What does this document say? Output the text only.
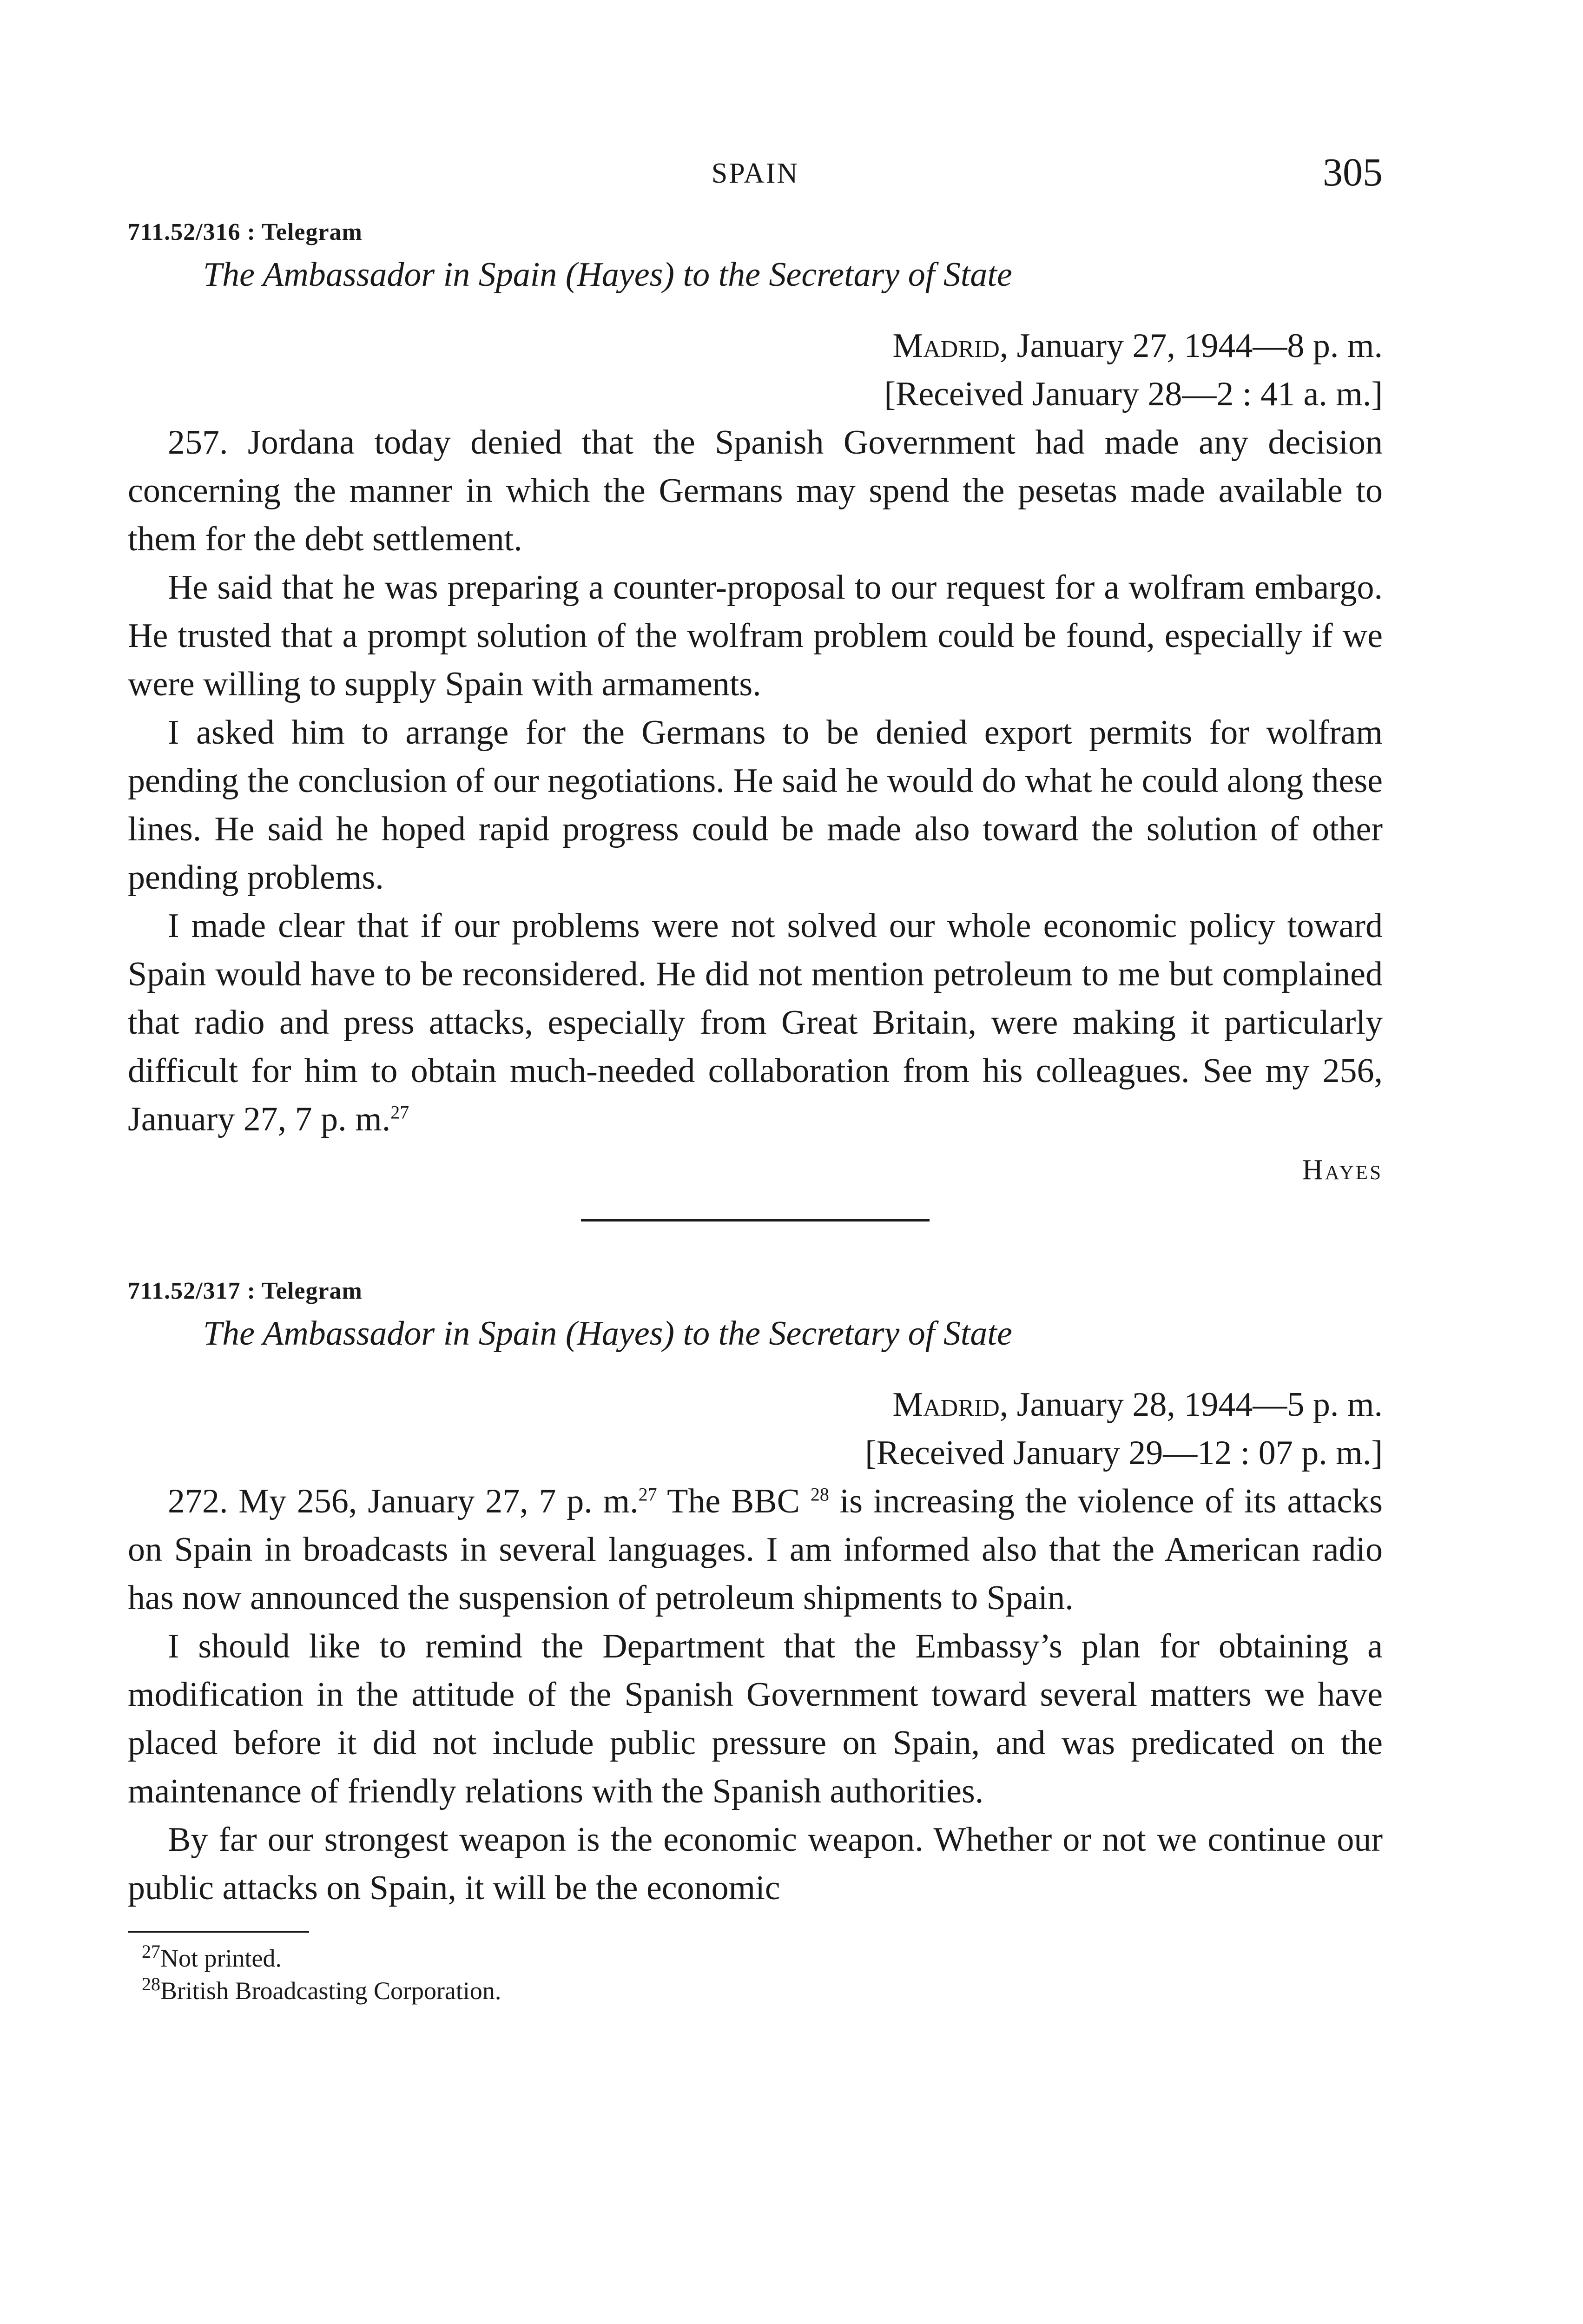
SPAIN	305
711.52/316 : Telegram
The Ambassador in Spain (Hayes) to the Secretary of State
Madrid, January 27, 1944—8 p. m.
[Received January 28—2 : 41 a. m.]

257. Jordana today denied that the Spanish Government had made any decision concerning the manner in which the Germans may spend the pesetas made available to them for the debt settlement.

He said that he was preparing a counter-proposal to our request for a wolfram embargo. He trusted that a prompt solution of the wolfram problem could be found, especially if we were willing to supply Spain with armaments.

I asked him to arrange for the Germans to be denied export permits for wolfram pending the conclusion of our negotiations. He said he would do what he could along these lines. He said he hoped rapid progress could be made also toward the solution of other pending problems.

I made clear that if our problems were not solved our whole economic policy toward Spain would have to be reconsidered. He did not mention petroleum to me but complained that radio and press attacks, especially from Great Britain, were making it particularly difficult for him to obtain much-needed collaboration from his colleagues. See my 256, January 27, 7 p. m.$^{27}$

Hayes
711.52/317 : Telegram
The Ambassador in Spain (Hayes) to the Secretary of State
Madrid, January 28, 1944—5 p. m.
[Received January 29—12 : 07 p. m.]

272. My 256, January 27, 7 p. m.$^{27}$ The BBC $^{28}$ is increasing the violence of its attacks on Spain in broadcasts in several languages. I am informed also that the American radio has now announced the suspension of petroleum shipments to Spain.

I should like to remind the Department that the Embassy’s plan for obtaining a modification in the attitude of the Spanish Government toward several matters we have placed before it did not include public pressure on Spain, and was predicated on the maintenance of friendly relations with the Spanish authorities.

By far our strongest weapon is the economic weapon. Whether or not we continue our public attacks on Spain, it will be the economic

$^{27}$Not printed.
$^{28}$British Broadcasting Corporation.
